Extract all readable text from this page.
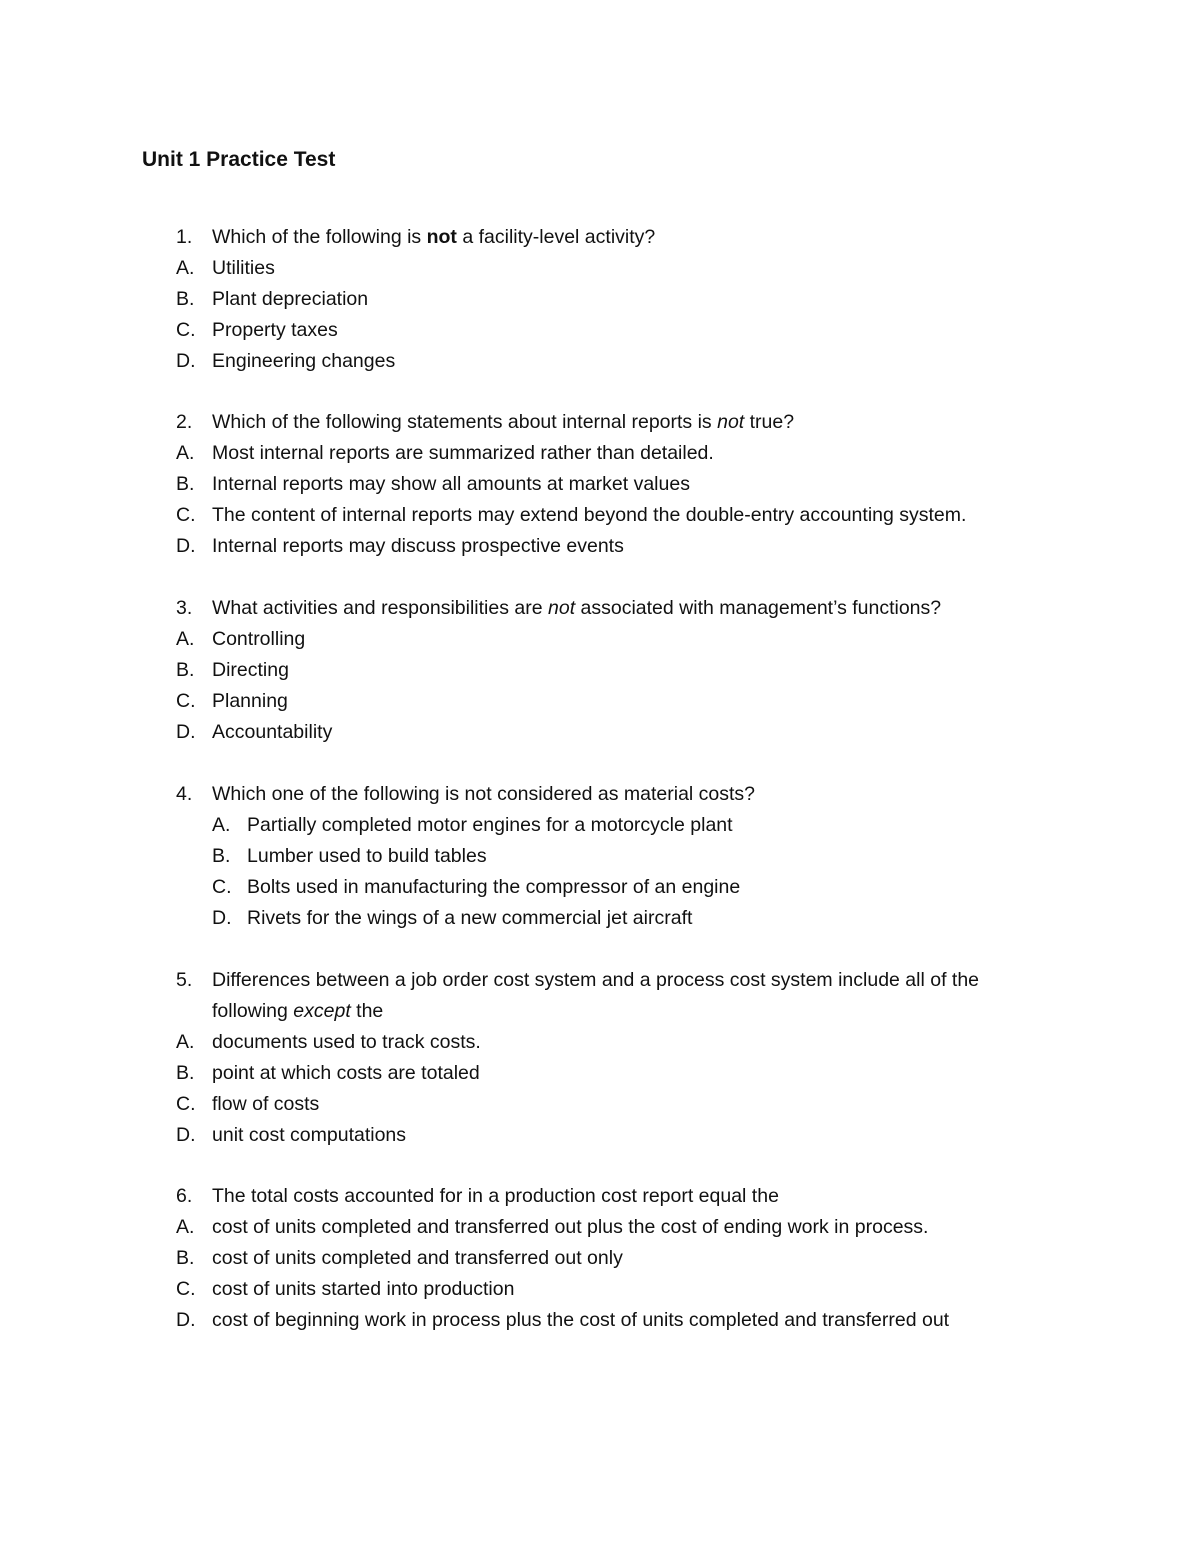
Unit 1 Practice Test
1. Which of the following is not a facility-level activity?
A. Utilities
B. Plant depreciation
C. Property taxes
D. Engineering changes
2. Which of the following statements about internal reports is not true?
A. Most internal reports are summarized rather than detailed.
B. Internal reports may show all amounts at market values
C. The content of internal reports may extend beyond the double-entry accounting system.
D. Internal reports may discuss prospective events
3. What activities and responsibilities are not associated with management’s functions?
A. Controlling
B. Directing
C. Planning
D. Accountability
4. Which one of the following is not considered as material costs?
A. Partially completed motor engines for a motorcycle plant
B. Lumber used to build tables
C. Bolts used in manufacturing the compressor of an engine
D. Rivets for the wings of a new commercial jet aircraft
5. Differences between a job order cost system and a process cost system include all of the
following except the
A. documents used to track costs.
B. point at which costs are totaled
C. flow of costs
D. unit cost computations
6. The total costs accounted for in a production cost report equal the
A. cost of units completed and transferred out plus the cost of ending work in process.
B. cost of units completed and transferred out only
C. cost of units started into production
D. cost of beginning work in process plus the cost of units completed and transferred out
